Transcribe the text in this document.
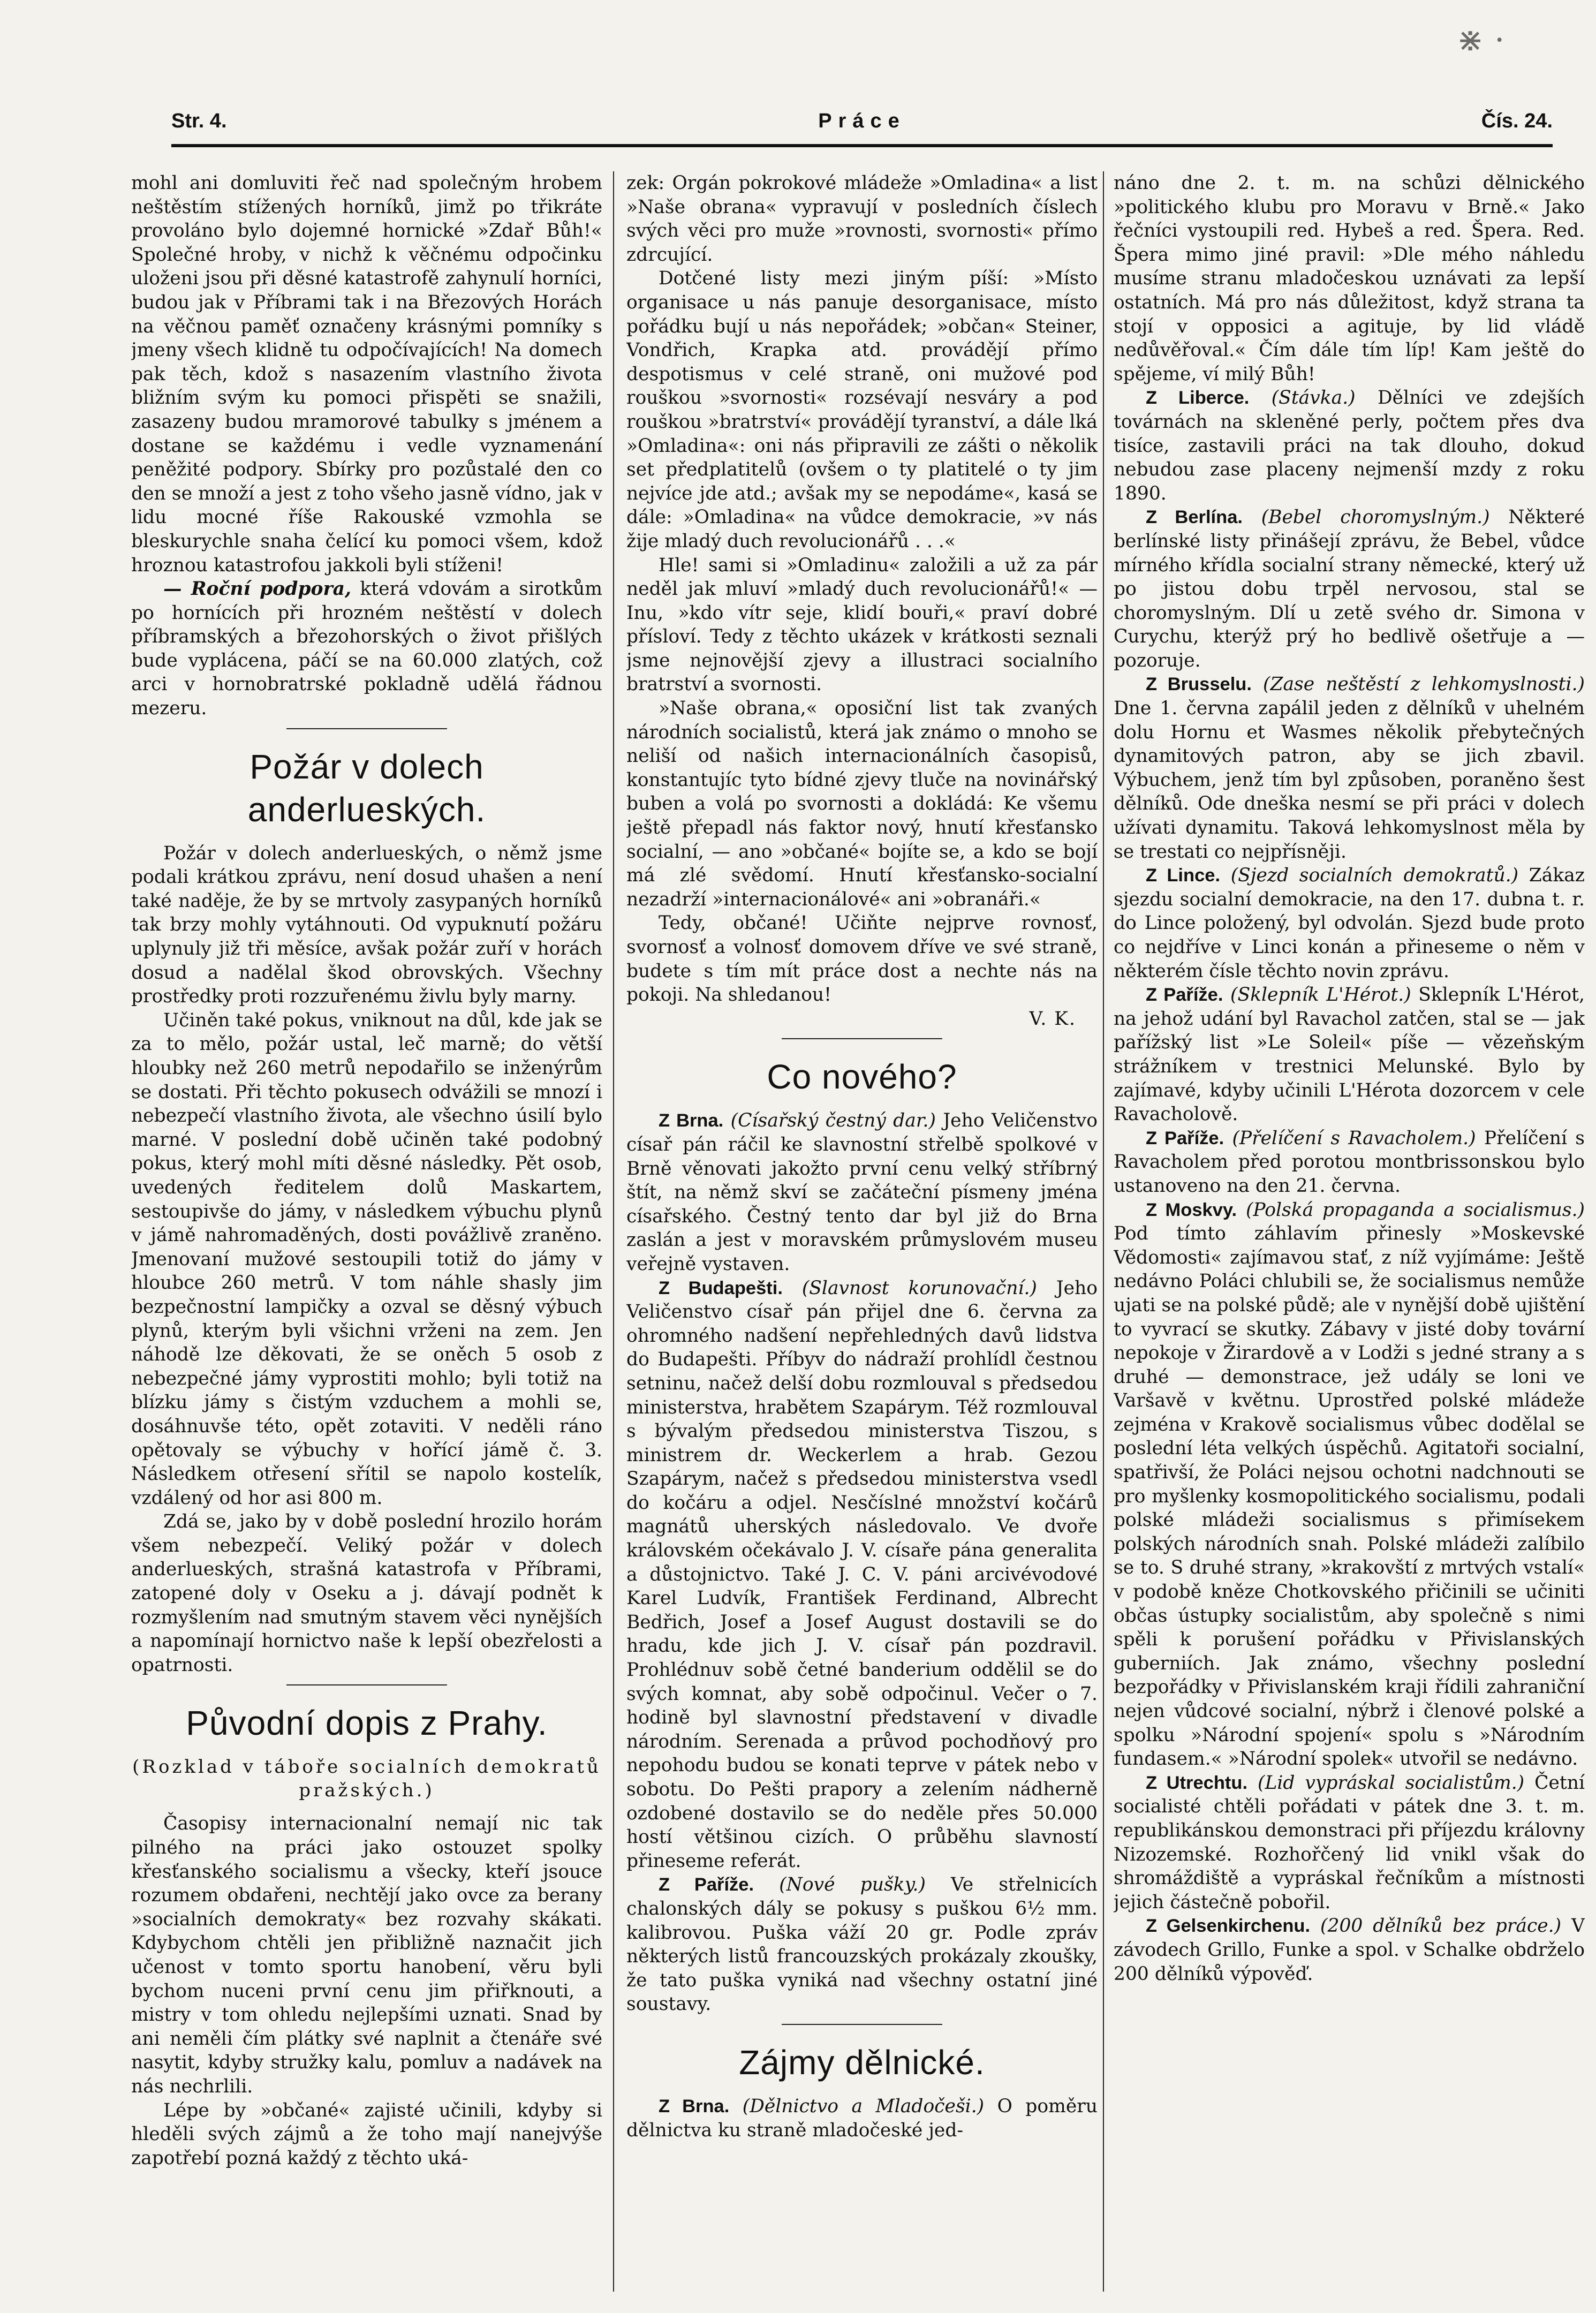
⋇ ⋅
Str. 4.	Práce	Čís. 24.

mohl ani domluviti řeč nad společným hrobem neštěstím stížených horníků, jimž po třikráte provoláno bylo dojemné hornické »Zdař Bůh!« Společné hroby, v nichž k věčnému odpočinku uloženi jsou při děsné katastrofě zahynulí horníci, budou jak v Příbrami tak i na Březových Horách na věčnou paměť označeny krásnými pomníky s jmeny všech klidně tu odpočívajících! Na domech pak těch, kdož s nasazením vlastního života bližním svým ku pomoci přispěti se snažili, zasazeny budou mramorové tabulky s jménem a dostane se každému i vedle vyznamenání peněžité podpory. Sbírky pro pozůstalé den co den se množí a jest z toho všeho jasně vídno, jak v lidu mocné říše Rakouské vzmohla se bleskurychle snaha čelící ku pomoci všem, kdož hroznou katastrofou jakkoli byli stíženi!

— Roční podpora, která vdovám a sirotkům po hornících při hrozném neštěstí v dolech příbramských a březohorských o život přišlých bude vyplácena, páčí se na 60.000 zlatých, což arci v hornobratrské pokladně udělá řádnou mezeru.

Požár v dolech anderlueských.

Požár v dolech anderlueských, o němž jsme podali krátkou zprávu, není dosud uhašen a není také naděje, že by se mrtvoly zasypaných horníků tak brzy mohly vytáhnouti. Od vypuknutí požáru uplynuly již tři měsíce, avšak požár zuří v horách dosud a nadělal škod obrovských. Všechny prostředky proti rozzuřenému živlu byly marny.

Učiněn také pokus, vniknout na důl, kde jak se za to mělo, požár ustal, leč marně; do větší hloubky než 260 metrů nepodařilo se inženýrům se dostati. Při těchto pokusech odvážili se mnozí i nebezpečí vlastního života, ale všechno úsilí bylo marné. V poslední době učiněn také podobný pokus, který mohl míti děsné následky. Pět osob, uvedených ředitelem dolů Maskartem, sestoupivše do jámy, v následkem výbuchu plynů v jámě nahromaděných, dosti povážlivě zraněno. Jmenovaní mužové sestoupili totiž do jámy v hloubce 260 metrů. V tom náhle shasly jim bezpečnostní lampičky a ozval se děsný výbuch plynů, kterým byli všichni vrženi na zem. Jen náhodě lze děkovati, že se oněch 5 osob z nebezpečné jámy vyprostiti mohlo; byli totiž na blízku jámy s čistým vzduchem a mohli se, dosáhnuvše této, opět zotaviti. V neděli ráno opětovaly se výbuchy v hořící jámě č. 3. Následkem otřesení sřítil se napolo kostelík, vzdálený od hor asi 800 m.

Zdá se, jako by v době poslední hrozilo horám všem nebezpečí. Veliký požár v dolech anderlueských, strašná katastrofa v Příbrami, zatopené doly v Oseku a j. dávají podnět k rozmyšlením nad smutným stavem věci nynějších a napomínají hornictvo naše k lepší obezřelosti a opatrnosti.

Původní dopis z Prahy.
(Rozklad v táboře socialních demokratů pražských.)

Časopisy internacionalní nemají nic tak pilného na práci jako ostouzet spolky křesťanského socialismu a všecky, kteří jsouce rozumem obdařeni, nechtějí jako ovce za berany »socialních demokraty« bez rozvahy skákati. Kdybychom chtěli jen přibližně naznačit jich učenost v tomto sportu hanobení, věru byli bychom nuceni první cenu jim přiřknouti, a mistry v tom ohledu nejlepšími uznati. Snad by ani neměli čím plátky své naplnit a čtenáře své nasytit, kdyby stružky kalu, pomluv a nadávek na nás nechrlili.

Lépe by »občané« zajisté učinili, kdyby si hleděli svých zájmů a že toho mají nanejvýše zapotřebí pozná každý z těchto uká-

zek: Orgán pokrokové mládeže »Omladina« a list »Naše obrana« vypravují v posledních číslech svých věci pro muže »rovnosti, svornosti« přímo zdrcující.

Dotčené listy mezi jiným píší: »Místo organisace u nás panuje desorganisace, místo pořádku bují u nás nepořádek; »občan« Steiner, Vondřich, Krapka atd. provádějí přímo despotismus v celé straně, oni mužové pod rouškou »svornosti« rozsévají nesváry a pod rouškou »bratrství« provádějí tyranství, a dále lká »Omladina«: oni nás připravili ze zášti o několik set předplatitelů (ovšem o ty platitelé o ty jim nejvíce jde atd.; avšak my se nepodáme«, kasá se dále: »Omladina« na vůdce demokracie, »v nás žije mladý duch revolucionářů . . .«

Hle! sami si »Omladinu« založili a už za pár neděl jak mluví »mladý duch revolucionářů!« — Inu, »kdo vítr seje, klidí bouři,« praví dobré přísloví. Tedy z těchto ukázek v krátkosti seznali jsme nejnovější zjevy a illustraci socialního bratrství a svornosti.

»Naše obrana,« oposiční list tak zvaných národních socialistů, která jak známo o mnoho se neliší od našich internacionálních časopisů, konstantujíc tyto bídné zjevy tluče na novinářský buben a volá po svornosti a dokládá: Ke všemu ještě přepadl nás faktor nový, hnutí křesťansko socialní, — ano »občané« bojíte se, a kdo se bojí má zlé svědomí. Hnutí křesťansko-socialní nezadrží »internacionálové« ani »obranáři.«

Tedy, občané! Učiňte nejprve rovnosť, svornosť a volnosť domovem dříve ve své straně, budete s tím mít práce dost a nechte nás na pokoji. Na shledanou!

V. K.

Co nového?

Z Brna. (Císařský čestný dar.) Jeho Veličenstvo císař pán ráčil ke slavnostní střelbě spolkové v Brně věnovati jakožto první cenu velký stříbrný štít, na němž skví se začáteční písmeny jména císařského. Čestný tento dar byl již do Brna zaslán a jest v moravském průmyslovém museu veřejně vystaven.

Z Budapešti. (Slavnost korunovační.) Jeho Veličenstvo císař pán přijel dne 6. června za ohromného nadšení nepřehledných davů lidstva do Budapešti. Příbyv do nádraží prohlídl čestnou setninu, načež delší dobu rozmlouval s předsedou ministerstva, hrabětem Szapárym. Též rozmlouval s bývalým předsedou ministerstva Tiszou, s ministrem dr. Weckerlem a hrab. Gezou Szapárym, načež s předsedou ministerstva vsedl do kočáru a odjel. Nesčíslné množství kočárů magnátů uherských následovalo. Ve dvoře královském očekávalo J. V. císaře pána generalita a důstojnictvo. Také J. C. V. páni arcivévodové Karel Ludvík, František Ferdinand, Albrecht Bedřich, Josef a Josef August dostavili se do hradu, kde jich J. V. císař pán pozdravil. Prohlédnuv sobě četné banderium oddělil se do svých komnat, aby sobě odpočinul. Večer o 7. hodině byl slavnostní představení v divadle národním. Serenada a průvod pochodňový pro nepohodu budou se konati teprve v pátek nebo v sobotu. Do Pešti prapory a zelením nádherně ozdobené dostavilo se do neděle přes 50.000 hostí většinou cizích. O průběhu slavností přineseme referát.

Z Paříže. (Nové pušky.) Ve střelnicích chalonských dály se pokusy s puškou 6½ mm. kalibrovou. Puška váží 20 gr. Podle zpráv některých listů francouzských prokázaly zkoušky, že tato puška vyniká nad všechny ostatní jiné soustavy.

Zájmy dělnické.

Z Brna. (Dělnictvo a Mladočeši.) O poměru dělnictva ku straně mladočeské jed-

náno dne 2. t. m. na schůzi dělnického »politického klubu pro Moravu v Brně.« Jako řečníci vystoupili red. Hybeš a red. Špera. Red. Špera mimo jiné pravil: »Dle mého náhledu musíme stranu mladočeskou uznávati za lepší ostatních. Má pro nás důležitost, když strana ta stojí v opposici a agituje, by lid vládě nedůvěřoval.« Čím dále tím líp! Kam ještě do spějeme, ví milý Bůh!

Z Liberce. (Stávka.) Dělníci ve zdejších továrnách na skleněné perly, počtem přes dva tisíce, zastavili práci na tak dlouho, dokud nebudou zase placeny nejmenší mzdy z roku 1890.

Z Berlína. (Bebel choromyslným.) Některé berlínské listy přinášejí zprávu, že Bebel, vůdce mírného křídla socialní strany německé, který už po jistou dobu trpěl nervosou, stal se choromyslným. Dlí u zetě svého dr. Simona v Curychu, kterýž prý ho bedlivě ošetřuje a — pozoruje.

Z Brusselu. (Zase neštěstí z lehkomyslnosti.) Dne 1. června zapálil jeden z dělníků v uhelném dolu Hornu et Wasmes několik přebytečných dynamitových patron, aby se jich zbavil. Výbuchem, jenž tím byl způsoben, poraněno šest dělníků. Ode dneška nesmí se při práci v dolech užívati dynamitu. Taková lehkomyslnost měla by se trestati co nejpřísněji.

Z Lince. (Sjezd socialních demokratů.) Zákaz sjezdu socialní demokracie, na den 17. dubna t. r. do Lince položený, byl odvolán. Sjezd bude proto co nejdříve v Linci konán a přineseme o něm v některém čísle těchto novin zprávu.

Z Paříže. (Sklepník L'Hérot.) Sklepník L'Hérot, na jehož udání byl Ravachol zatčen, stal se — jak pařížský list »Le Soleil« píše — vězeňským strážníkem v trestnici Melunské. Bylo by zajímavé, kdyby učinili L'Hérota dozorcem v cele Ravacholově.

Z Paříže. (Přelíčení s Ravacholem.) Přelíčení s Ravacholem před porotou montbrissonskou bylo ustanoveno na den 21. června.

Z Moskvy. (Polská propaganda a socialismus.) Pod tímto záhlavím přinesly »Moskevské Vědomosti« zajímavou stať, z níž vyjímáme: Ještě nedávno Poláci chlubili se, že socialismus nemůže ujati se na polské půdě; ale v nynější době ujištění to vyvrací se skutky. Zábavy v jisté doby tovární nepokoje v Žirardově a v Lodži s jedné strany a s druhé — demonstrace, jež udály se loni ve Varšavě v květnu. Uprostřed polské mládeže zejména v Krakově socialismus vůbec dodělal se poslední léta velkých úspěchů. Agitatoři socialní, spatřivší, že Poláci nejsou ochotni nadchnouti se pro myšlenky kosmopolitického socialismu, podali polské mládeži socialismus s přimísekem polských národních snah. Polské mládeži zalíbilo se to. S druhé strany, »krakovští z mrtvých vstalí« v podobě kněze Chotkovského přičinili se učiniti občas ústupky socialistům, aby společně s nimi spěli k porušení pořádku v Přivislanských guberniích. Jak známo, všechny poslední bezpořádky v Přivislanském kraji řídili zahraniční nejen vůdcové socialní, nýbrž i členové polské a spolku »Národní spojení« spolu s »Národním fundasem.« »Národní spolek« utvořil se nedávno.

Z Utrechtu. (Lid vypráskal socialistům.) Četní socialisté chtěli pořádati v pátek dne 3. t. m. republikánskou demonstraci při příjezdu královny Nizozemské. Rozhořčený lid vnikl však do shromáždiště a vypráskal řečníkům a místnosti jejich částečně pobořil.

Z Gelsenkirchenu. (200 dělníků bez práce.) V závodech Grillo, Funke a spol. v Schalke obdrželo 200 dělníků výpověď.
